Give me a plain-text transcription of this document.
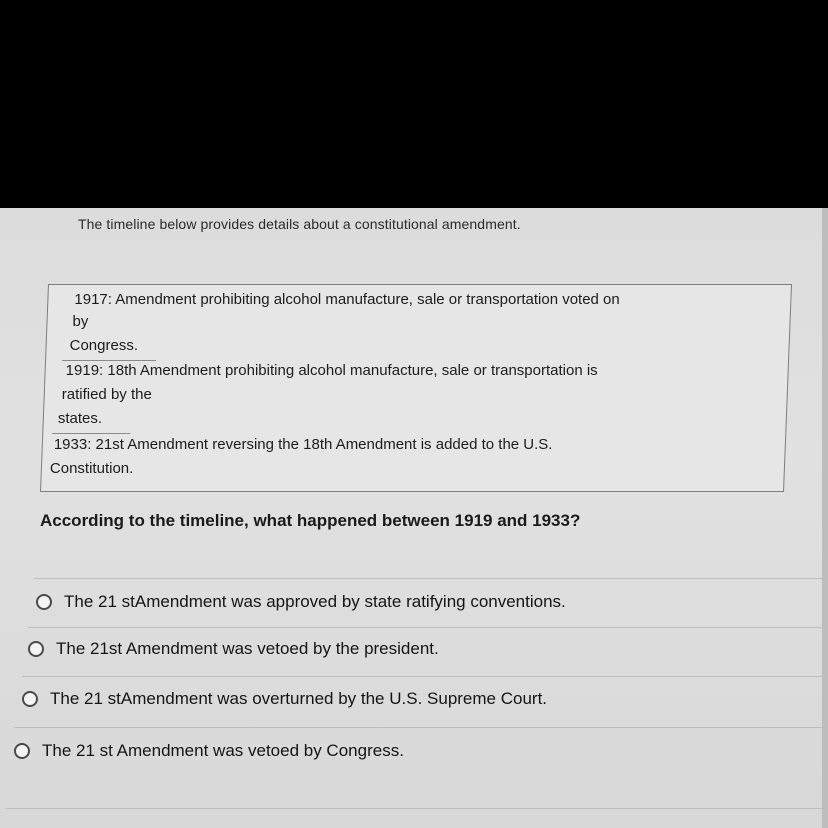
The timeline below provides details about a constitutional amendment.
1917: Amendment prohibiting alcohol manufacture, sale or transportation voted on
by
Congress.
1919: 18th Amendment prohibiting alcohol manufacture, sale or transportation is
ratified by the
states.
1933: 21st Amendment reversing the 18th Amendment is added to the U.S.
Constitution.
According to the timeline, what happened between 1919 and 1933?
The 21 stAmendment was approved by state ratifying conventions.
The 21st Amendment was vetoed by the president.
The 21 stAmendment was overturned by the U.S. Supreme Court.
The 21 st Amendment was vetoed by Congress.
